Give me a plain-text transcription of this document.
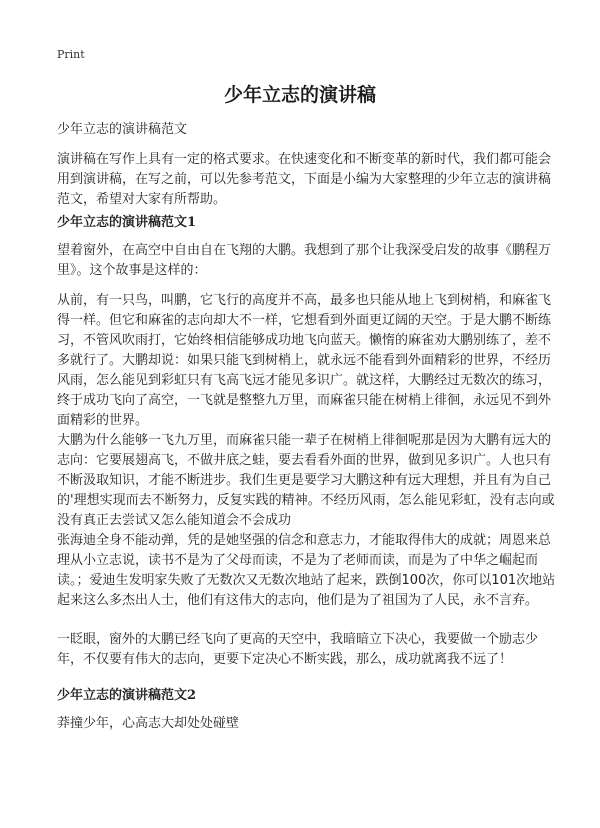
Print
少年立志的演讲稿

少年立志的演讲稿范文

演讲稿在写作上具有一定的格式要求。在快速变化和不断变革的新时代，我们都可能会用到演讲稿，在写之前，可以先参考范文，下面是小编为大家整理的少年立志的演讲稿范文，希望对大家有所帮助。

少年立志的演讲稿范文1

望着窗外，在高空中自由自在飞翔的大鹏。我想到了那个让我深受启发的故事《鹏程万里》。这个故事是这样的：

从前，有一只鸟，叫鹏，它飞行的高度并不高，最多也只能从地上飞到树梢，和麻雀飞得一样。但它和麻雀的志向却大不一样，它想看到外面更辽阔的天空。于是大鹏不断练习，不管风吹雨打，它始终相信能够成功地飞向蓝天。懒惰的麻雀劝大鹏别练了，差不多就行了。大鹏却说：如果只能飞到树梢上，就永远不能看到外面精彩的世界，不经历风雨，怎么能见到彩虹只有飞高飞远才能见多识广。就这样，大鹏经过无数次的练习，终于成功飞向了高空，一飞就是整整九万里，而麻雀只能在树梢上徘徊，永远见不到外面精彩的世界。

大鹏为什么能够一飞九万里，而麻雀只能一辈子在树梢上徘徊呢那是因为大鹏有远大的志向：它要展翅高飞，不做井底之蛙，要去看看外面的世界，做到见多识广。人也只有不断汲取知识，才能不断进步。我们生更是要学习大鹏这种有远大理想，并且有为自己的'理想实现而去不断努力，反复实践的精神。不经历风雨，怎么能见彩虹，没有志向或没有真正去尝试又怎么能知道会不会成功

张海迪全身不能动弹，凭的是她坚强的信念和意志力，才能取得伟大的成就；周恩来总理从小立志说，读书不是为了父母而读，不是为了老师而读，而是为了中华之崛起而读。；爱迪生发明家失败了无数次又无数次地站了起来，跌倒100次，你可以101次地站起来这么多杰出人士，他们有这伟大的志向，他们是为了祖国为了人民，永不言弃。

一眨眼，窗外的大鹏已经飞向了更高的天空中，我暗暗立下决心，我要做一个励志少年，不仅要有伟大的志向，更要下定决心不断实践，那么，成功就离我不远了！

少年立志的演讲稿范文2

莽撞少年，心高志大却处处碰壁
